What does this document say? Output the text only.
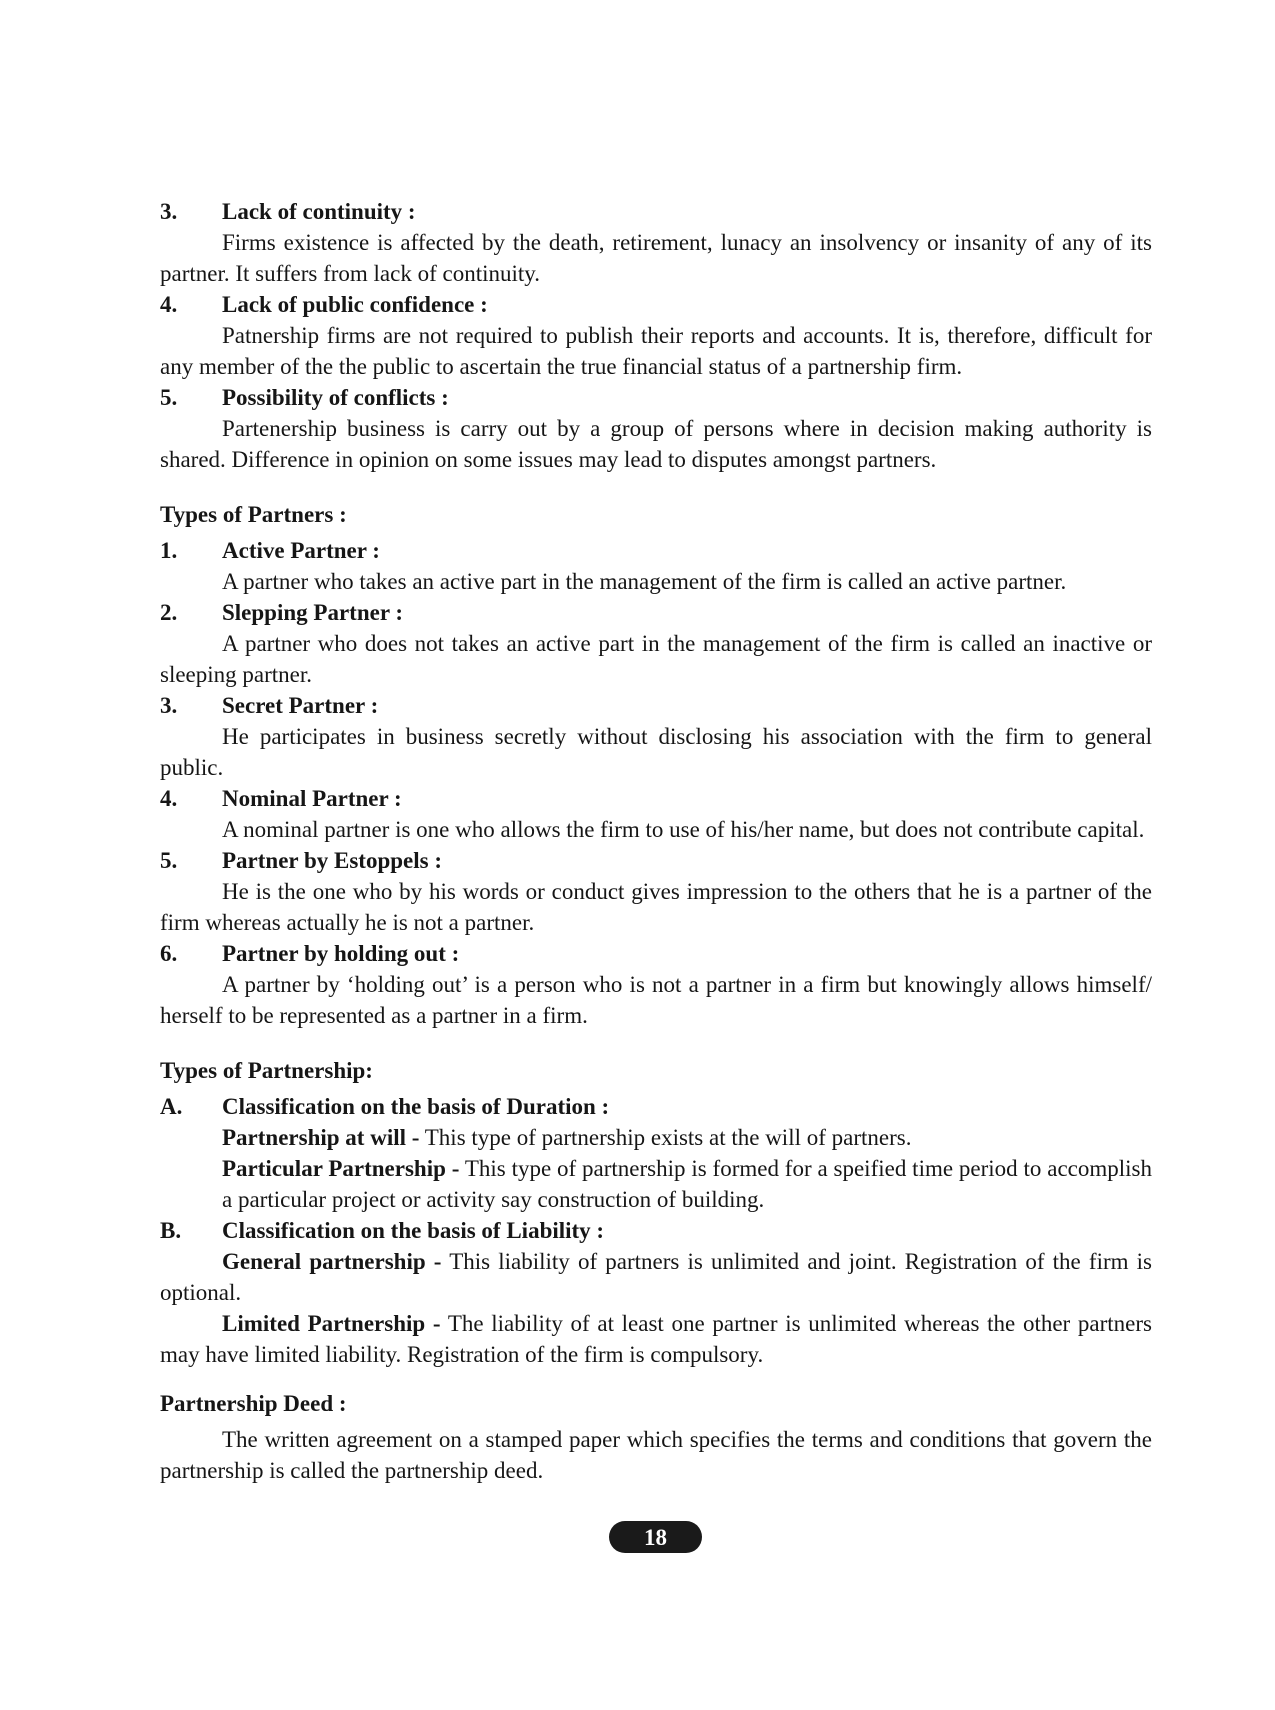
3.	Lack of continuity :

Firms existence is affected by the death, retirement, lunacy an insolvency or insanity of any of its partner. It suffers from lack of continuity.

4.	Lack of public confidence :

Patnership firms are not required to publish their reports and accounts. It is, therefore, difficult for any member of the the public to ascertain the true financial status of a partnership firm.

5.	Possibility of conflicts :

Partenership business is carry out by a group of persons where in decision making authority is shared. Difference in opinion on some issues may lead to disputes amongst partners.

Types of Partners :
1.	Active Partner :

A partner who takes an active part in the management of the firm is called an active partner.

2.	Slepping Partner :

A partner who does not takes an active part in the management of the firm is called an inactive or sleeping partner.

3.	Secret Partner :

He participates in business secretly without disclosing his association with the firm to general public.

4.	Nominal Partner :

A nominal partner is one who allows the firm to use of his/her name, but does not contribute capital.

5.	Partner by Estoppels :

He is the one who by his words or conduct gives impression to the others that he is a partner of the firm whereas actually he is not a partner.

6.	Partner by holding out :

A partner by ‘holding out’ is a person who is not a partner in a firm but knowingly allows himself/ herself to be represented as a partner in a firm.

Types of Partnership:
A.	Classification on the basis of Duration :
Partnership at will - This type of partnership exists at the will of partners.
Particular Partnership - This type of partnership is formed for a speified time period to accomplish a particular project or activity say construction of building.
B.	Classification on the basis of Liability :

General partnership - This liability of partners is unlimited and joint. Registration of the firm is optional.

Limited Partnership - The liability of at least one partner is unlimited whereas the other partners may have limited liability. Registration of the firm is compulsory.

Partnership Deed :

The written agreement on a stamped paper which specifies the terms and conditions that govern the partnership is called the partnership deed.

18
